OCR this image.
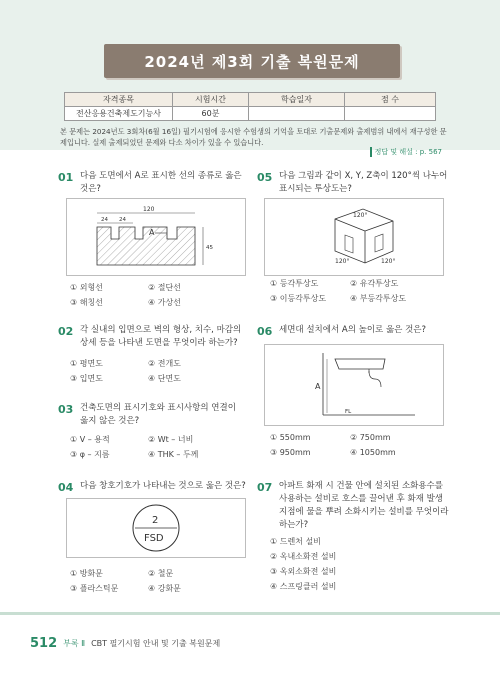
2024년 제3회 기출 복원문제
자격종목	시험시간	학습일자	점 수
전산응용건축제도기능사	60분		
본 문제는 2024년도 3회차(6월 16일) 필기시험에 응시한 수험생의 기억을 토대로 기출문제와 출제범위 내에서 재구성한 문제입니다. 실제 출제되었던 문제와 다소 차이가 있을 수 있습니다.
정답 및 해설 : p. 567
01 다음 도면에서 A로 표시한 선의 종류로 옳은 것은?
120
24 24
A
45
① 외형선	② 절단선
③ 해칭선	④ 가상선
02 각 실내의 입면으로 벽의 형상, 치수, 마감의 상세 등을 나타낸 도면을 무엇이라 하는가?
① 평면도	② 전개도
③ 입면도	④ 단면도
03 건축도면의 표시기호와 표시사항의 연결이 옳지 않은 것은?
① V – 용적	② Wt – 너비
③ φ – 지름	④ THK – 두께
04 다음 창호기호가 나타내는 것으로 옳은 것은?
2
FSD
① 방화문	② 철문
③ 플라스틱문	④ 강화문
05 다음 그림과 같이 X, Y, Z축이 120°씩 나누어 표시되는 투상도는?
120°
120°	120°
① 등각투상도	② 유각투상도
③ 이등각투상도	④ 부등각투상도
06 세면대 설치에서 A의 높이로 옳은 것은?
A
FL
① 550mm	② 750mm
③ 950mm	④ 1050mm
07 아파트 화재 시 건물 안에 설치된 소화용수를 사용하는 설비로 호스를 끌어낸 후 화재 발생지점에 물을 뿌려 소화시키는 설비를 무엇이라 하는가?
① 드렌처 설비
② 옥내소화전 설비
③ 옥외소화전 설비
④ 스프링클러 설비
512 부록 Ⅱ CBT 필기시험 안내 및 기출 복원문제
